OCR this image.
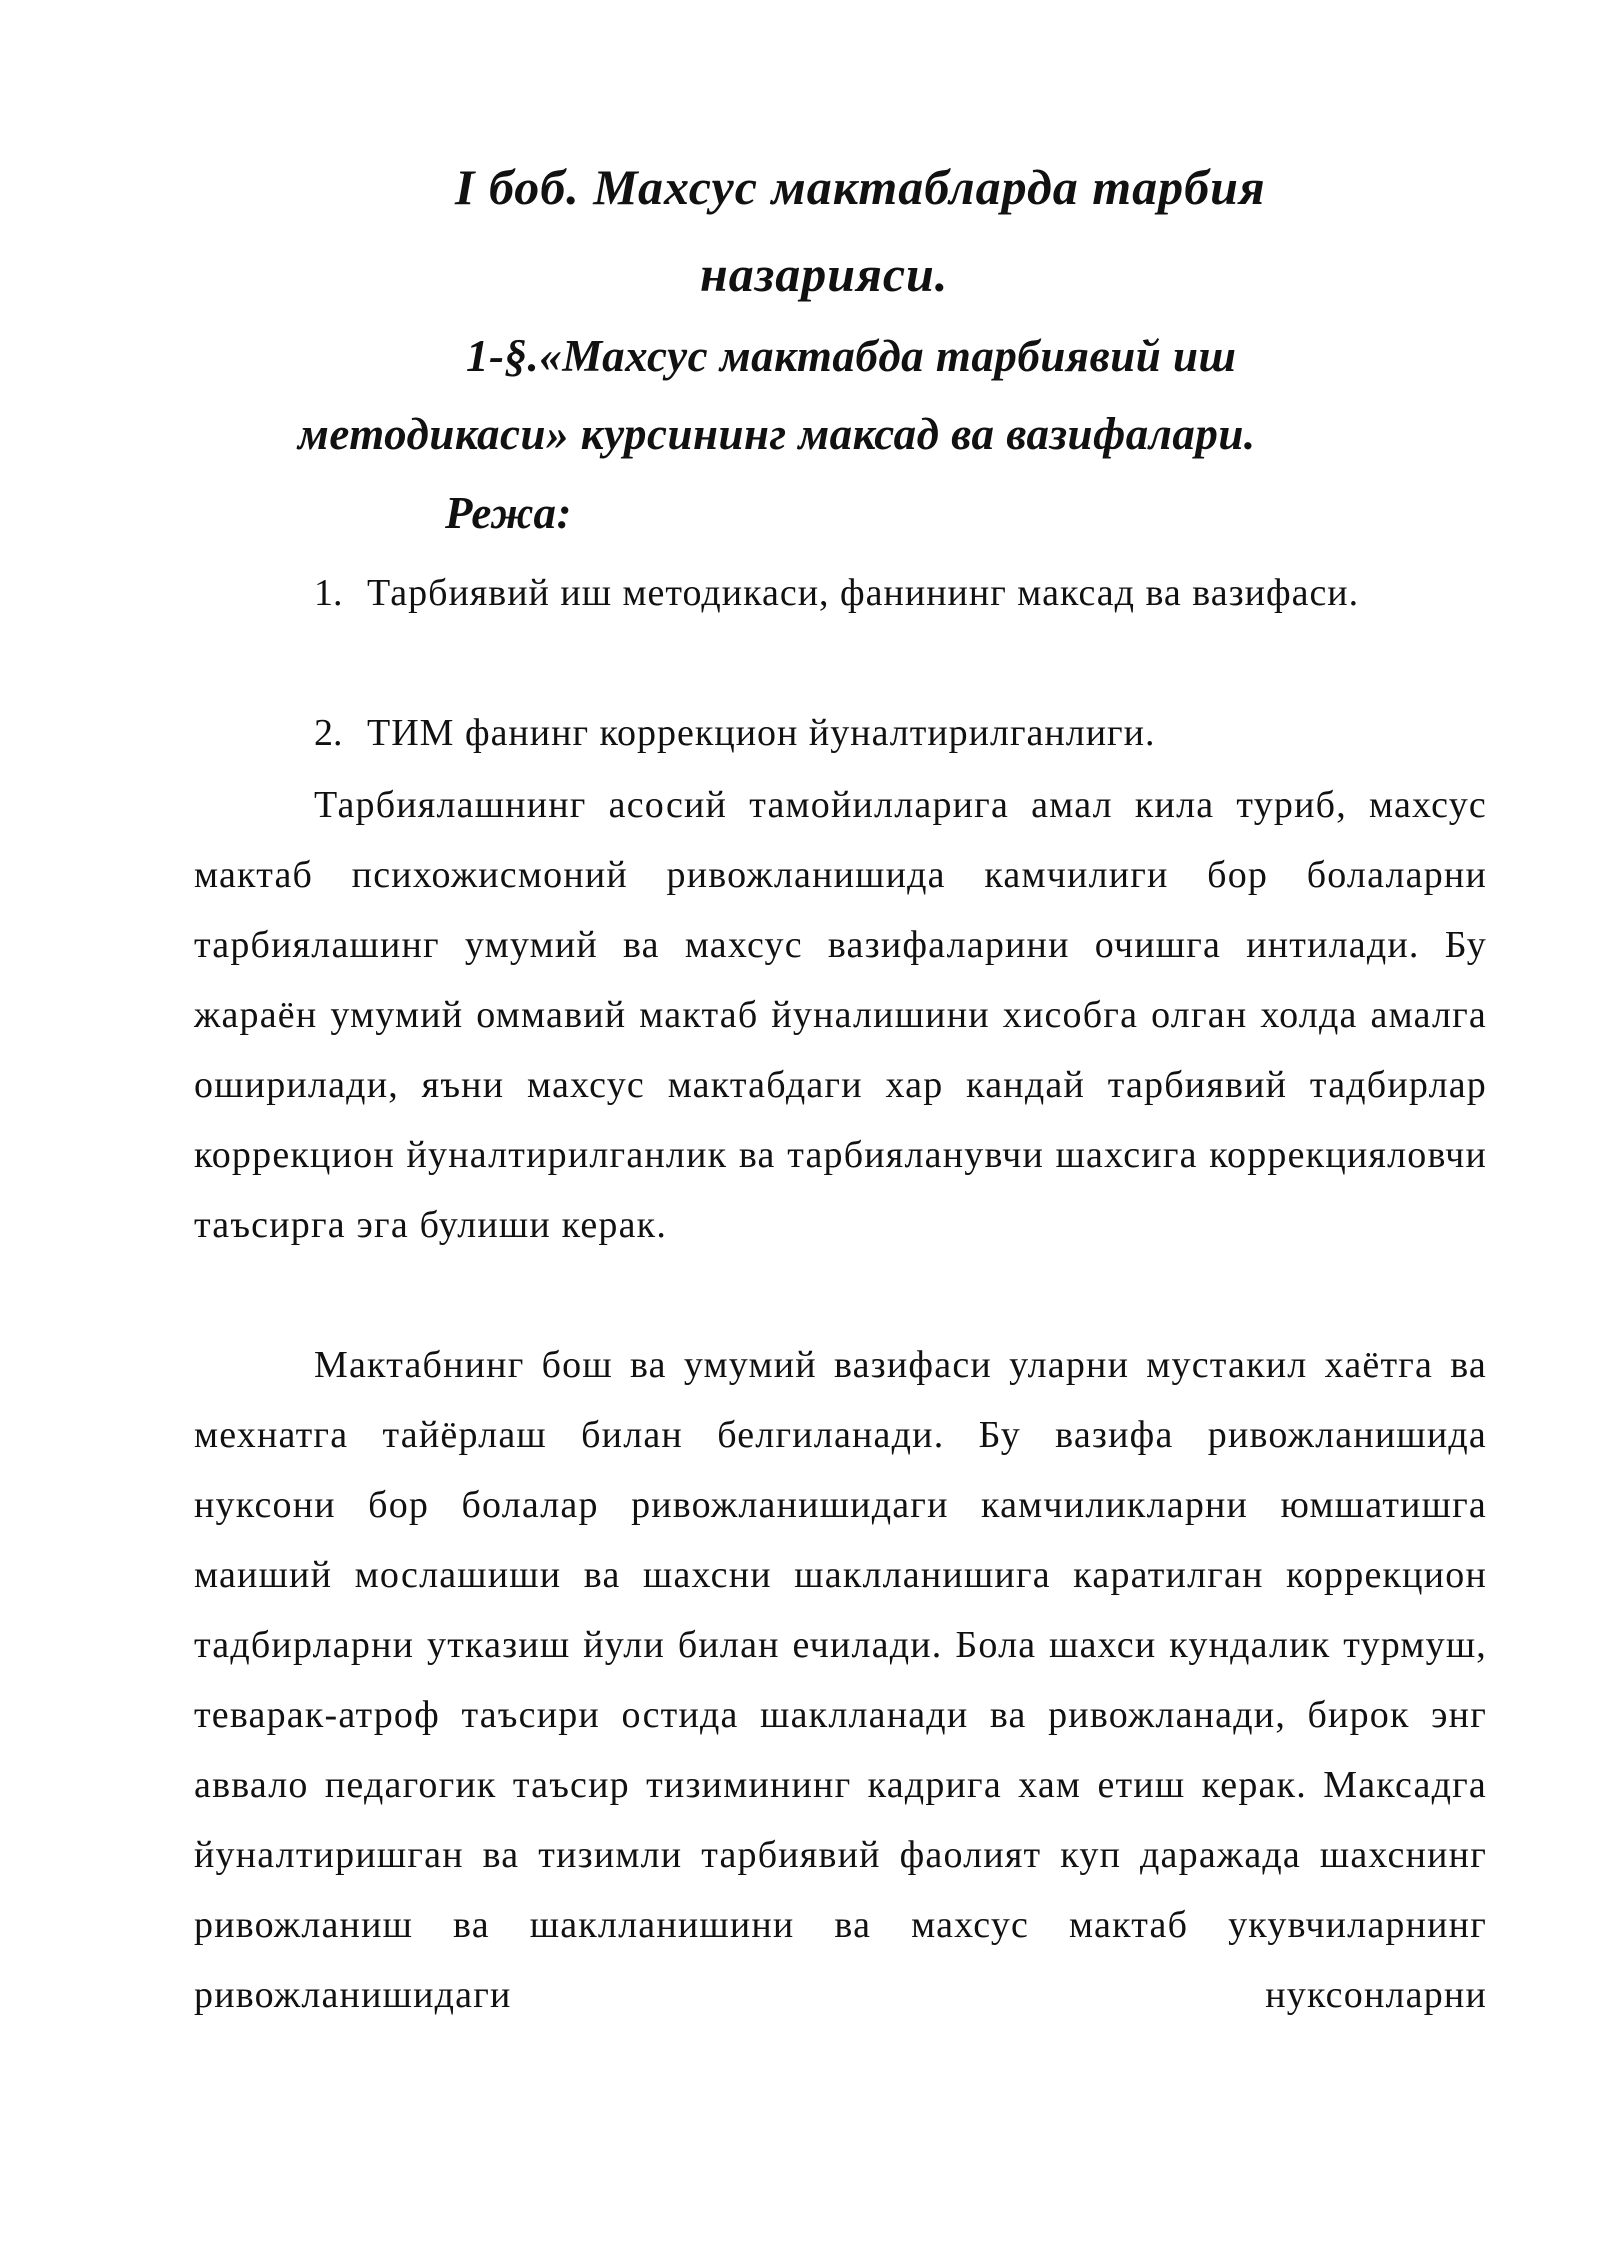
I боб. Махсус мактабларда тарбия
назарияси.
1-§.«Махсус мактабда тарбиявий иш
методикаси» курсининг максад ва вазифалари.
Режа:
1. Тарбиявий иш методикаси, фанининг максад ва вазифаси.
2. ТИМ фанинг коррекцион йуналтирилганлиги.

Тарбиялашнинг асосий тамойилларига амал кила туриб, махсус мактаб психожисмоний ривожланишида камчилиги бор болаларни тарбиялашинг умумий ва махсус вазифаларини очишга интилади. Бу жараён умумий оммавий мактаб йуналишини хисобга олган холда амалга оширилади, яъни махсус мактабдаги хар кандай тарбиявий тадбирлар коррекцион йуналтирилганлик ва тарбияланувчи шахсига коррекцияловчи таъсирга эга булиши керак.

Мактабнинг бош ва умумий вазифаси уларни мустакил хаётга ва мехнатга тайёрлаш билан белгиланади. Бу вазифа ривожланишида нуксони бор болалар ривожланишидаги камчиликларни юмшатишга маиший мослашиши ва шахсни шаклланишига каратилган коррекцион тадбирларни утказиш йули билан ечилади. Бола шахси кундалик турмуш, теварак-атроф таъсири остида шаклланади ва ривожланади, бирок энг аввало педагогик таъсир тизимининг кадрига хам етиш керак. Максадга йуналтиришган ва тизимли тарбиявий фаолият куп даражада шахснинг ривожланиш ва шаклланишини ва махсус мактаб укувчиларнинг ривожланишидаги нуксонларни
